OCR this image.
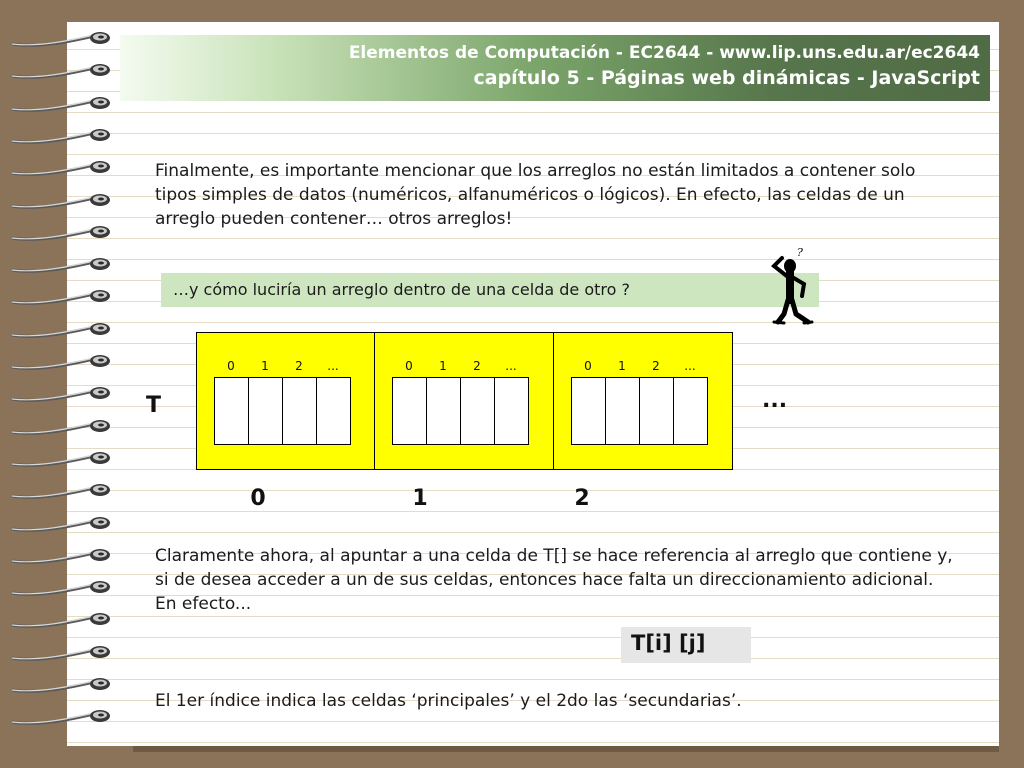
Elementos de Computación - EC2644 - www.lip.uns.edu.ar/ec2644
capítulo 5 - Páginas web dinámicas - JavaScript
Finalmente, es importante mencionar que los arreglos no están limitados a contener solo tipos simples de datos (numéricos, alfanuméricos o lógicos). En efecto, las celdas de un arreglo pueden contener… otros arreglos!
…y cómo luciría un arreglo dentro de una celda de otro ?
?
T
0	1	2	...	0	1	2	...	0	1	2	...
...
0	1	2
Claramente ahora, al apuntar a una celda de T[] se hace referencia al arreglo que contiene y, si de desea acceder a un de sus celdas, entonces hace falta un direccionamiento adicional. En efecto...
T[i] [j]
El 1er índice indica las celdas ‘principales’ y el 2do las ‘secundarias’.
